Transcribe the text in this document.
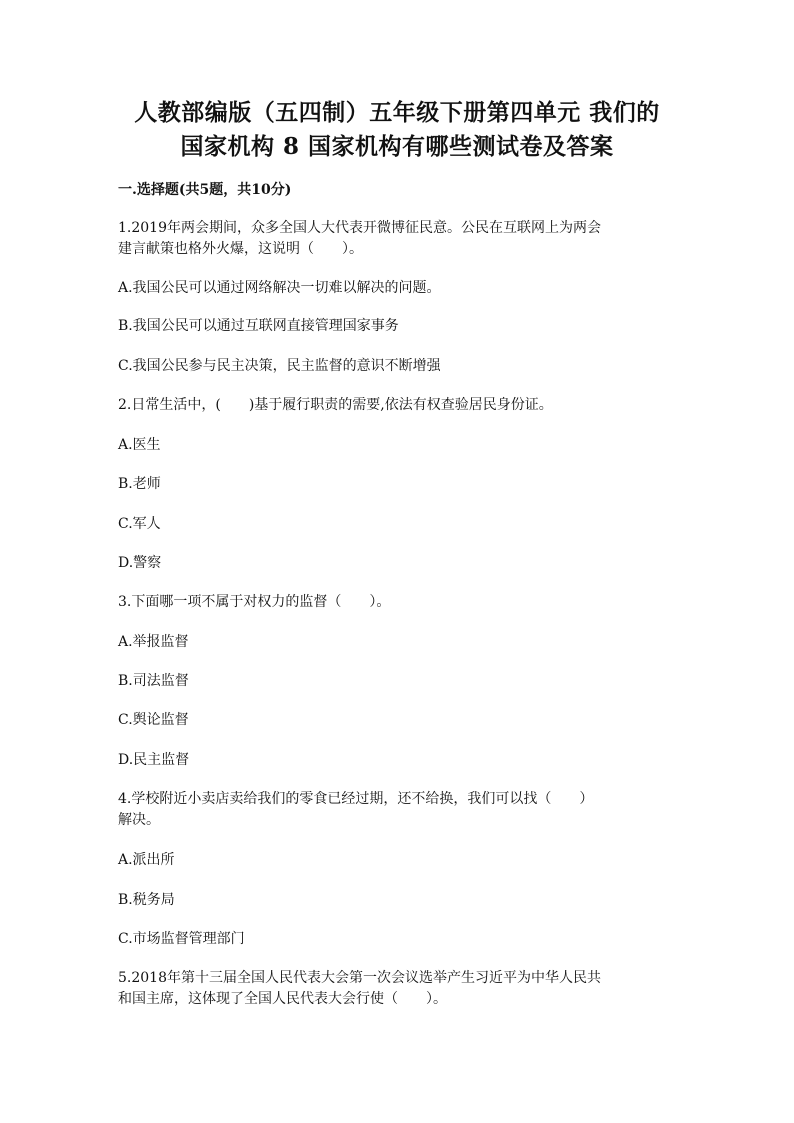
人教部编版（五四制）五年级下册第四单元 我们的
国家机构 8 国家机构有哪些测试卷及答案
一.选择题(共5题，共10分)
1.2019年两会期间，众多全国人大代表开微博征民意。公民在互联网上为两会
建言献策也格外火爆，这说明（　　）。
A.我国公民可以通过网络解决一切难以解决的问题。
B.我国公民可以通过互联网直接管理国家事务
C.我国公民参与民主决策，民主监督的意识不断增强
2.日常生活中，(　　)基于履行职责的需要,依法有权查验居民身份证。
A.医生
B.老师
C.军人
D.警察
3.下面哪一项不属于对权力的监督（　　）。
A.举报监督
B.司法监督
C.舆论监督
D.民主监督
4.学校附近小卖店卖给我们的零食已经过期，还不给换，我们可以找（　　）
解决。
A.派出所
B.税务局
C.市场监督管理部门
5.2018年第十三届全国人民代表大会第一次会议选举产生习近平为中华人民共
和国主席，这体现了全国人民代表大会行使（　　）。
